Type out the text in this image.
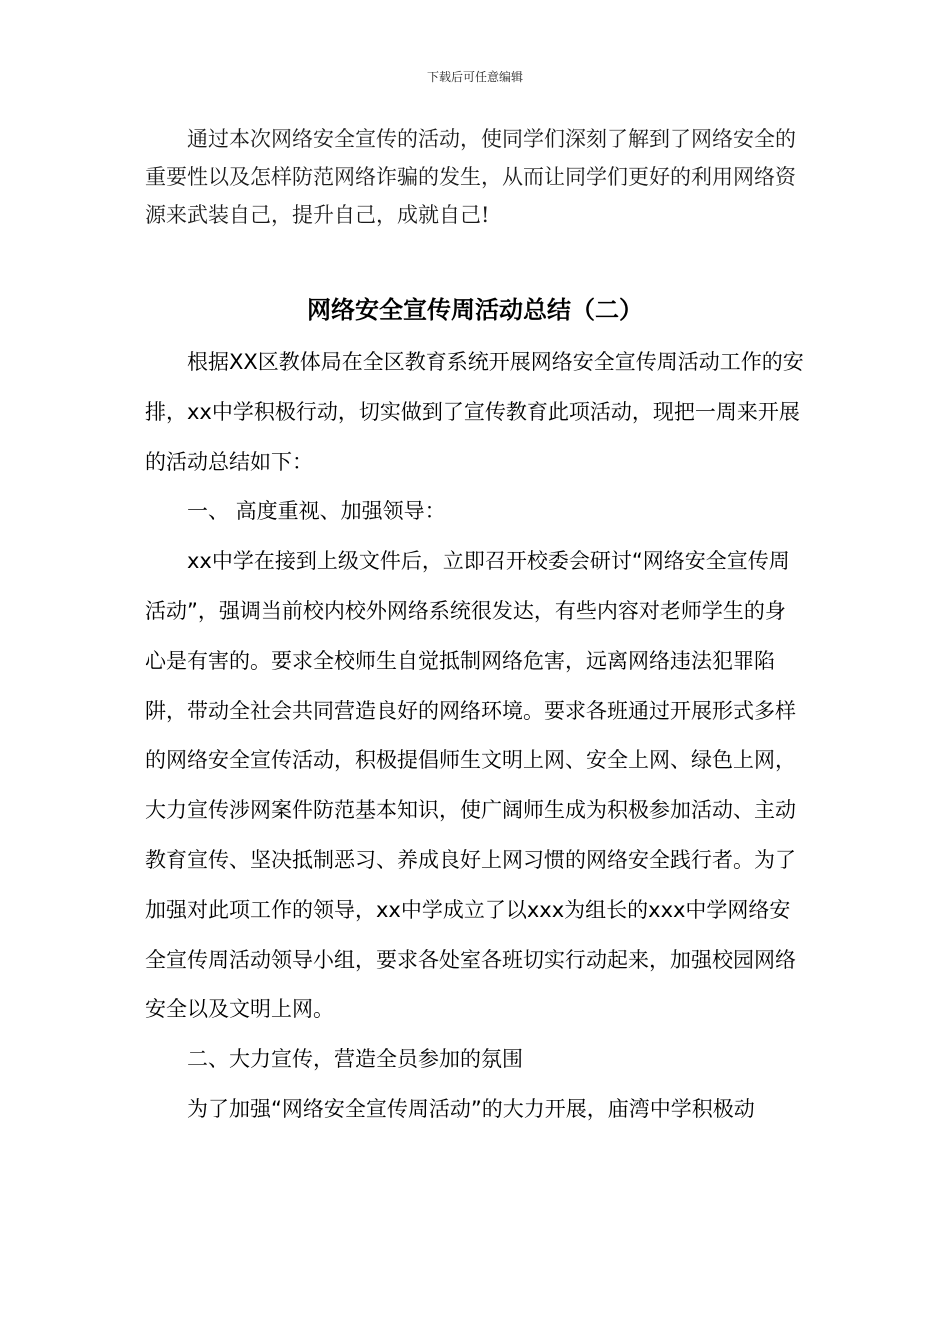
下载后可任意编辑

通过本次网络安全宣传的活动，使同学们深刻了解到了网络安全的重要性以及怎样防范网络诈骗的发生，从而让同学们更好的利用网络资源来武装自己，提升自己，成就自己!

网络安全宣传周活动总结（二）

根据XX区教体局在全区教育系统开展网络安全宣传周活动工作的安排，xx中学积极行动，切实做到了宣传教育此项活动，现把一周来开展的活动总结如下：

一、 高度重视、加强领导：

xx中学在接到上级文件后，立即召开校委会研讨“网络安全宣传周活动”，强调当前校内校外网络系统很发达，有些内容对老师学生的身心是有害的。要求全校师生自觉抵制网络危害，远离网络违法犯罪陷阱，带动全社会共同营造良好的网络环境。要求各班通过开展形式多样的网络安全宣传活动，积极提倡师生文明上网、安全上网、绿色上网，大力宣传涉网案件防范基本知识，使广阔师生成为积极参加活动、主动教育宣传、坚决抵制恶习、养成良好上网习惯的网络安全践行者。为了加强对此项工作的领导，xx中学成立了以xxx为组长的xxx中学网络安全宣传周活动领导小组，要求各处室各班切实行动起来，加强校园网络安全以及文明上网。

二、大力宣传，营造全员参加的氛围

为了加强“网络安全宣传周活动”的大力开展，庙湾中学积极动
